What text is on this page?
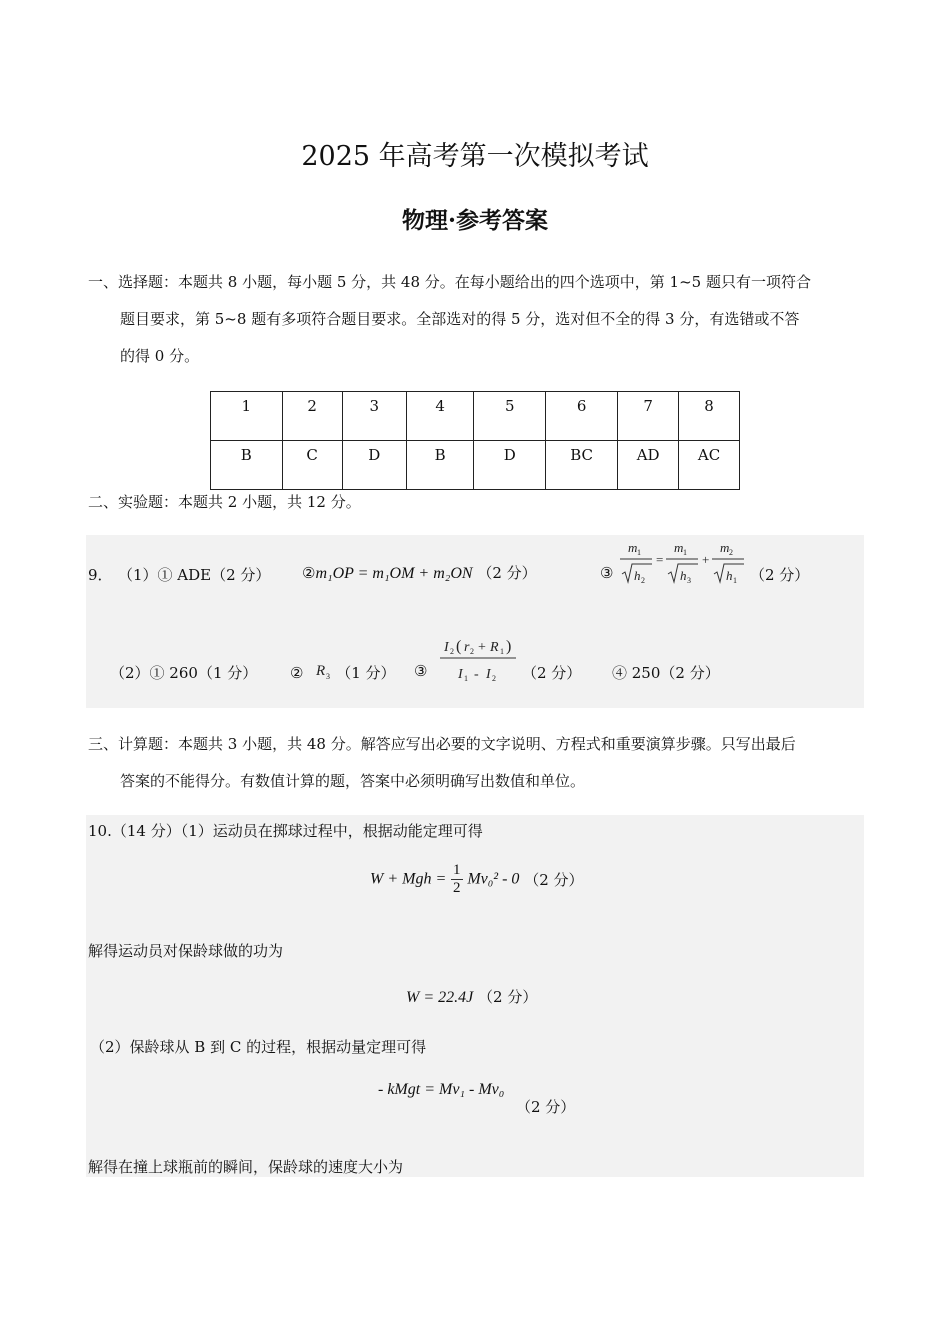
2025 年高考第一次模拟考试
物理·参考答案
一、选择题：本题共 8 小题，每小题 5 分，共 48 分。在每小题给出的四个选项中，第 1~5 题只有一项符合
题目要求，第 5~8 题有多项符合题目要求。全部选对的得 5 分，选对但不全的得 3 分，有选错或不答
的得 0 分。
1	2	3	4	5	6	7	8
B	C	D	B	D	BC	AD	AC
二、实验题：本题共 2 小题，共 12 分。
9． （1）① ADE（2 分） ②m₁OP = m₁OM + m₂ON （2 分）	③
m 1
h 2
=
m 1
h 3
+
m 2
h 1 （2 分）
（2）① 260（1 分） ② R 3 （1 分） ③
I 2 ( r 2 + R 1 )
I 1 - I 2 （2 分） ④ 250（2 分）
三、计算题：本题共 3 小题，共 48 分。解答应写出必要的文字说明、方程式和重要演算步骤。只写出最后
答案的不能得分。有数值计算的题，答案中必须明确写出数值和单位。
10.（14 分）（1）运动员在掷球过程中，根据动能定理可得
W + Mgh = $\frac{1}{2} Mv_0^2 - 0$ （2 分）
解得运动员对保龄球做的功为
W = 22.4J （2 分）
（2）保龄球从 B 到 C 的过程，根据动量定理可得
- kMgt = Mv₁ - Mv₀
（2 分）
解得在撞上球瓶前的瞬间，保龄球的速度大小为
